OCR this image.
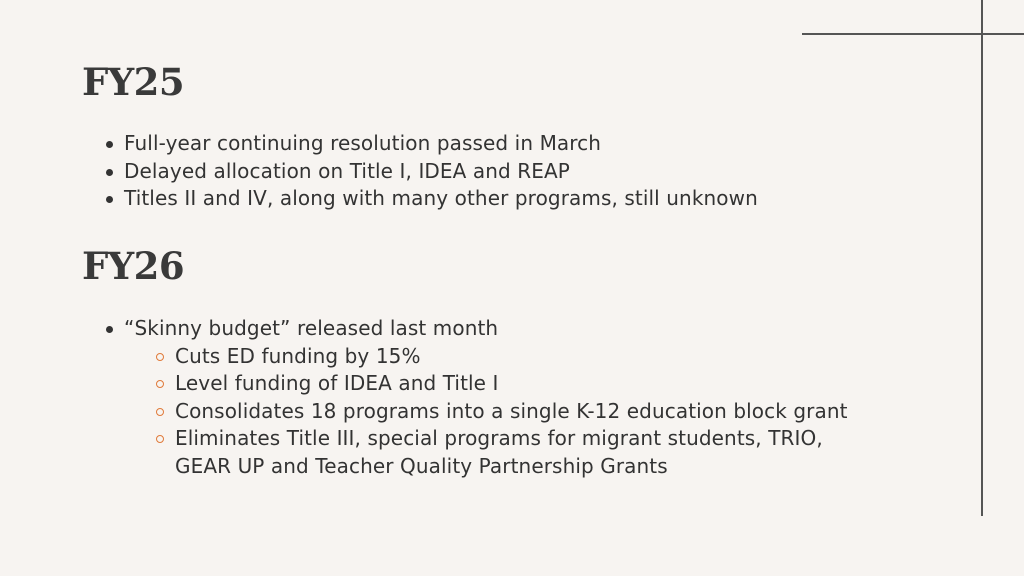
FY25
Full-year continuing resolution passed in March
Delayed allocation on Title I, IDEA and REAP
Titles II and IV, along with many other programs, still unknown
FY26
“Skinny budget” released last month
Cuts ED funding by 15%
Level funding of IDEA and Title I
Consolidates 18 programs into a single K-12 education block grant
Eliminates Title III, special programs for migrant students, TRIO,
GEAR UP and Teacher Quality Partnership Grants
